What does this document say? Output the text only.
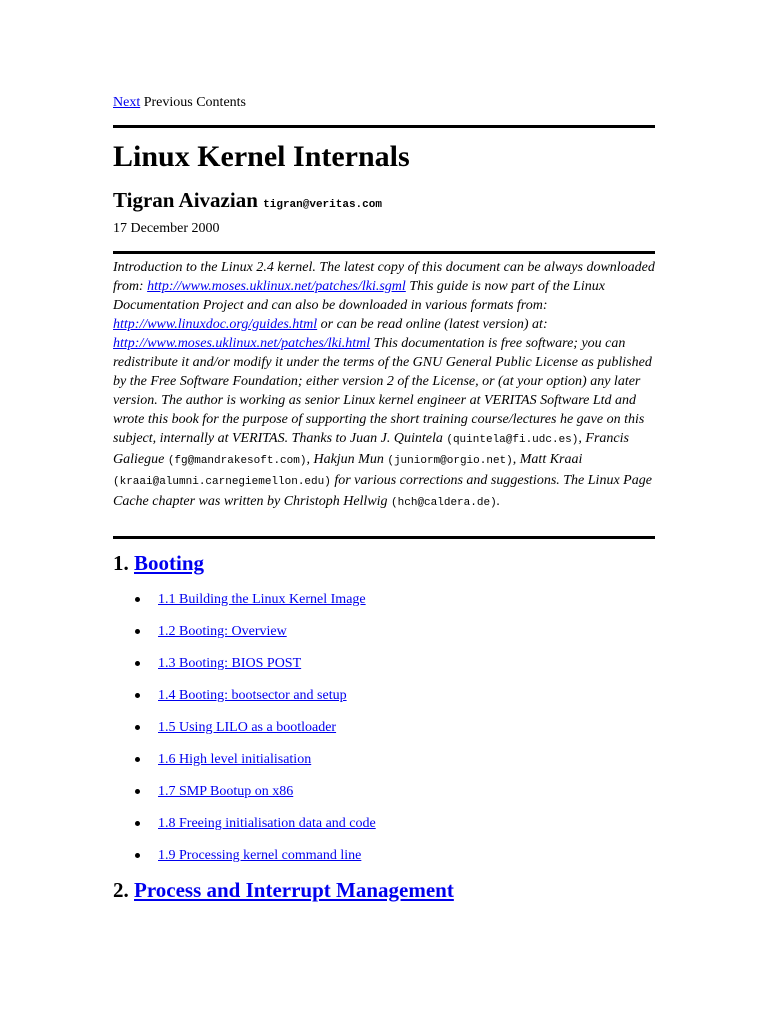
Next Previous Contents
Linux Kernel Internals
Tigran Aivazian tigran@veritas.com
17 December 2000
Introduction to the Linux 2.4 kernel. The latest copy of this document can be always downloaded from: http://www.moses.uklinux.net/patches/lki.sgml This guide is now part of the Linux Documentation Project and can also be downloaded in various formats from: http://www.linuxdoc.org/guides.html or can be read online (latest version) at: http://www.moses.uklinux.net/patches/lki.html This documentation is free software; you can redistribute it and/or modify it under the terms of the GNU General Public License as published by the Free Software Foundation; either version 2 of the License, or (at your option) any later version. The author is working as senior Linux kernel engineer at VERITAS Software Ltd and wrote this book for the purpose of supporting the short training course/lectures he gave on this subject, internally at VERITAS. Thanks to Juan J. Quintela (quintela@fi.udc.es), Francis Galiegue (fg@mandrakesoft.com), Hakjun Mun (juniorm@orgio.net), Matt Kraai (kraai@alumni.carnegiemellon.edu) for various corrections and suggestions. The Linux Page Cache chapter was written by Christoph Hellwig (hch@caldera.de).
1. Booting
1.1 Building the Linux Kernel Image
1.2 Booting: Overview
1.3 Booting: BIOS POST
1.4 Booting: bootsector and setup
1.5 Using LILO as a bootloader
1.6 High level initialisation
1.7 SMP Bootup on x86
1.8 Freeing initialisation data and code
1.9 Processing kernel command line
2. Process and Interrupt Management
